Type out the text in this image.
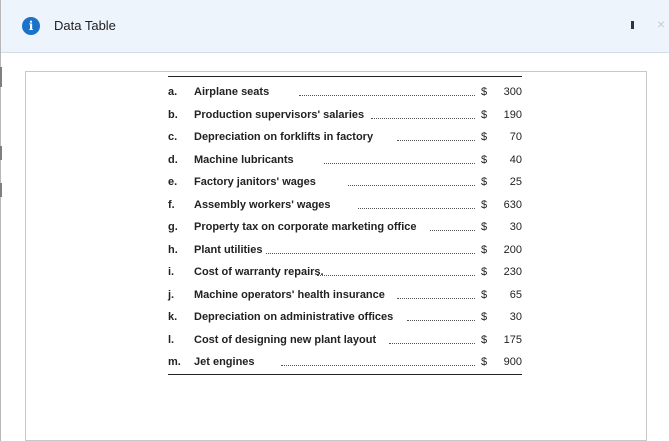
i	Data Table	×
a. Airplane seats	$	300
b. Production supervisors' salaries	$	190
c. Depreciation on forklifts in factory	$	70
d. Machine lubricants	$	40
e. Factory janitors' wages	$	25
f. Assembly workers' wages	$	630
g. Property tax on corporate marketing office	$	30
h. Plant utilities	$	200
i. Cost of warranty repairs.	$	230
j. Machine operators' health insurance	$	65
k. Depreciation on administrative offices	$	30
l. Cost of designing new plant layout	$	175
m. Jet engines	$	900
